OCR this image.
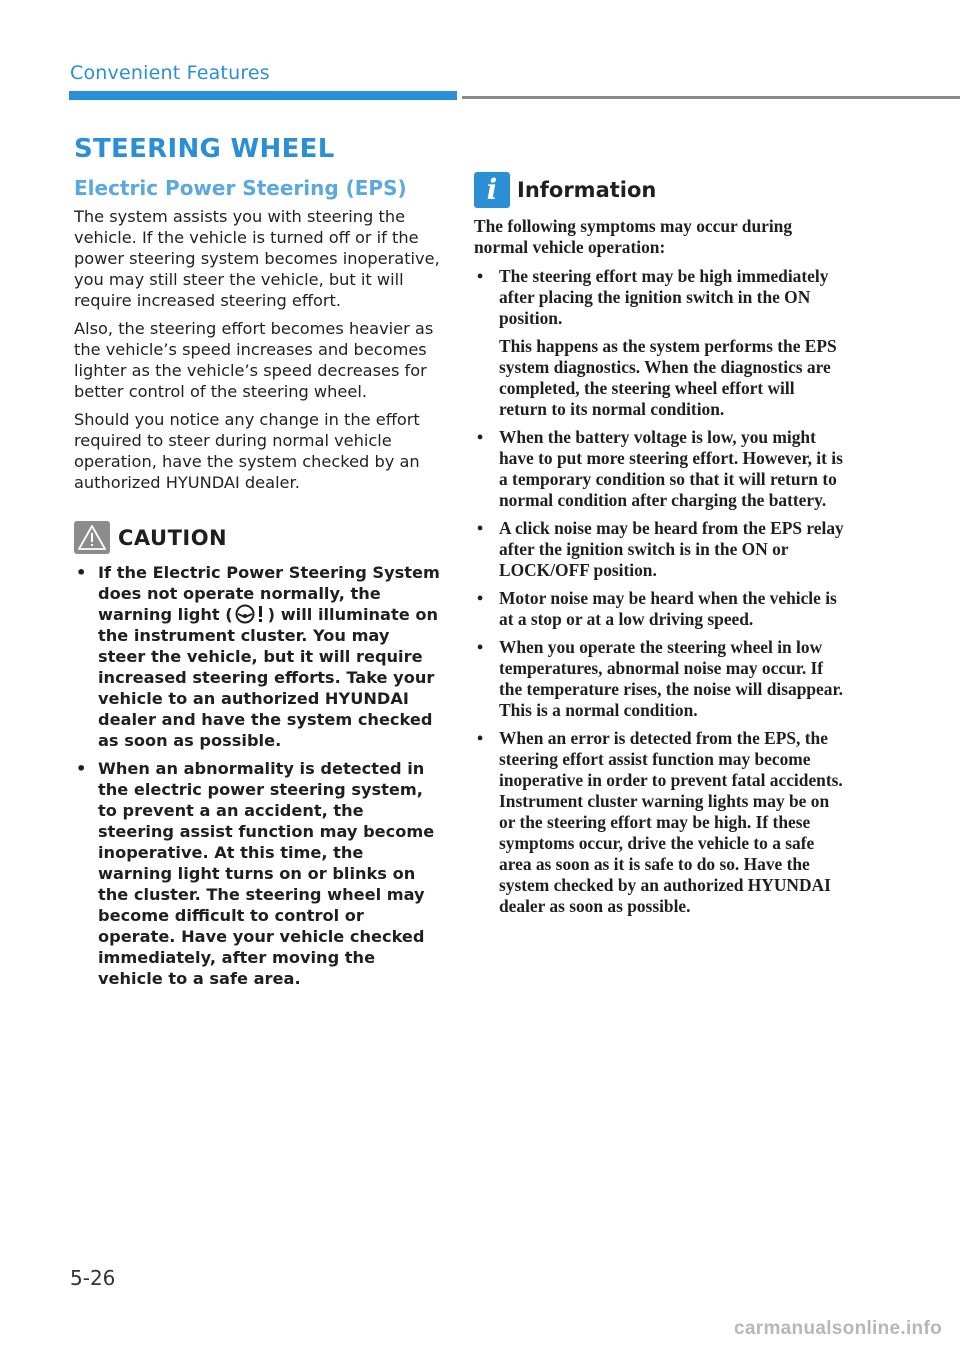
Convenient Features
STEERING WHEEL
Electric Power Steering (EPS)

The system assists you with steering the vehicle. If the vehicle is turned off or if the power steering system becomes inoperative, you may still steer the vehicle, but it will require increased steering effort.

Also, the steering effort becomes heavier as the vehicle’s speed increases and becomes lighter as the vehicle’s speed decreases for better control of the steering wheel.

Should you notice any change in the effort required to steer during normal vehicle operation, have the system checked by an authorized HYUNDAI dealer.

CAUTION
• If the Electric Power Steering System does not operate normally, the warning light ( ) will illuminate on the instrument cluster. You may steer the vehicle, but it will require increased steering efforts. Take your vehicle to an authorized HYUNDAI dealer and have the system checked as soon as possible.
• When an abnormality is detected in the electric power steering system, to prevent a an accident, the steering assist function may become inoperative. At this time, the warning light turns on or blinks on the cluster. The steering wheel may become difficult to control or operate. Have your vehicle checked immediately, after moving the vehicle to a safe area.
i Information

The following symptoms may occur during normal vehicle operation:

• The steering effort may be high immediately after placing the ignition switch in the ON position.
This happens as the system performs the EPS system diagnostics. When the diagnostics are completed, the steering wheel effort will return to its normal condition.
• When the battery voltage is low, you might have to put more steering effort. However, it is a temporary condition so that it will return to normal condition after charging the battery.
• A click noise may be heard from the EPS relay after the ignition switch is in the ON or LOCK/OFF position.
• Motor noise may be heard when the vehicle is at a stop or at a low driving speed.
• When you operate the steering wheel in low temperatures, abnormal noise may occur. If the temperature rises, the noise will disappear. This is a normal condition.
• When an error is detected from the EPS, the steering effort assist function may become inoperative in order to prevent fatal accidents. Instrument cluster warning lights may be on or the steering effort may be high. If these symptoms occur, drive the vehicle to a safe area as soon as it is safe to do so. Have the system checked by an authorized HYUNDAI dealer as soon as possible.
5-26
carmanualsonline.info
